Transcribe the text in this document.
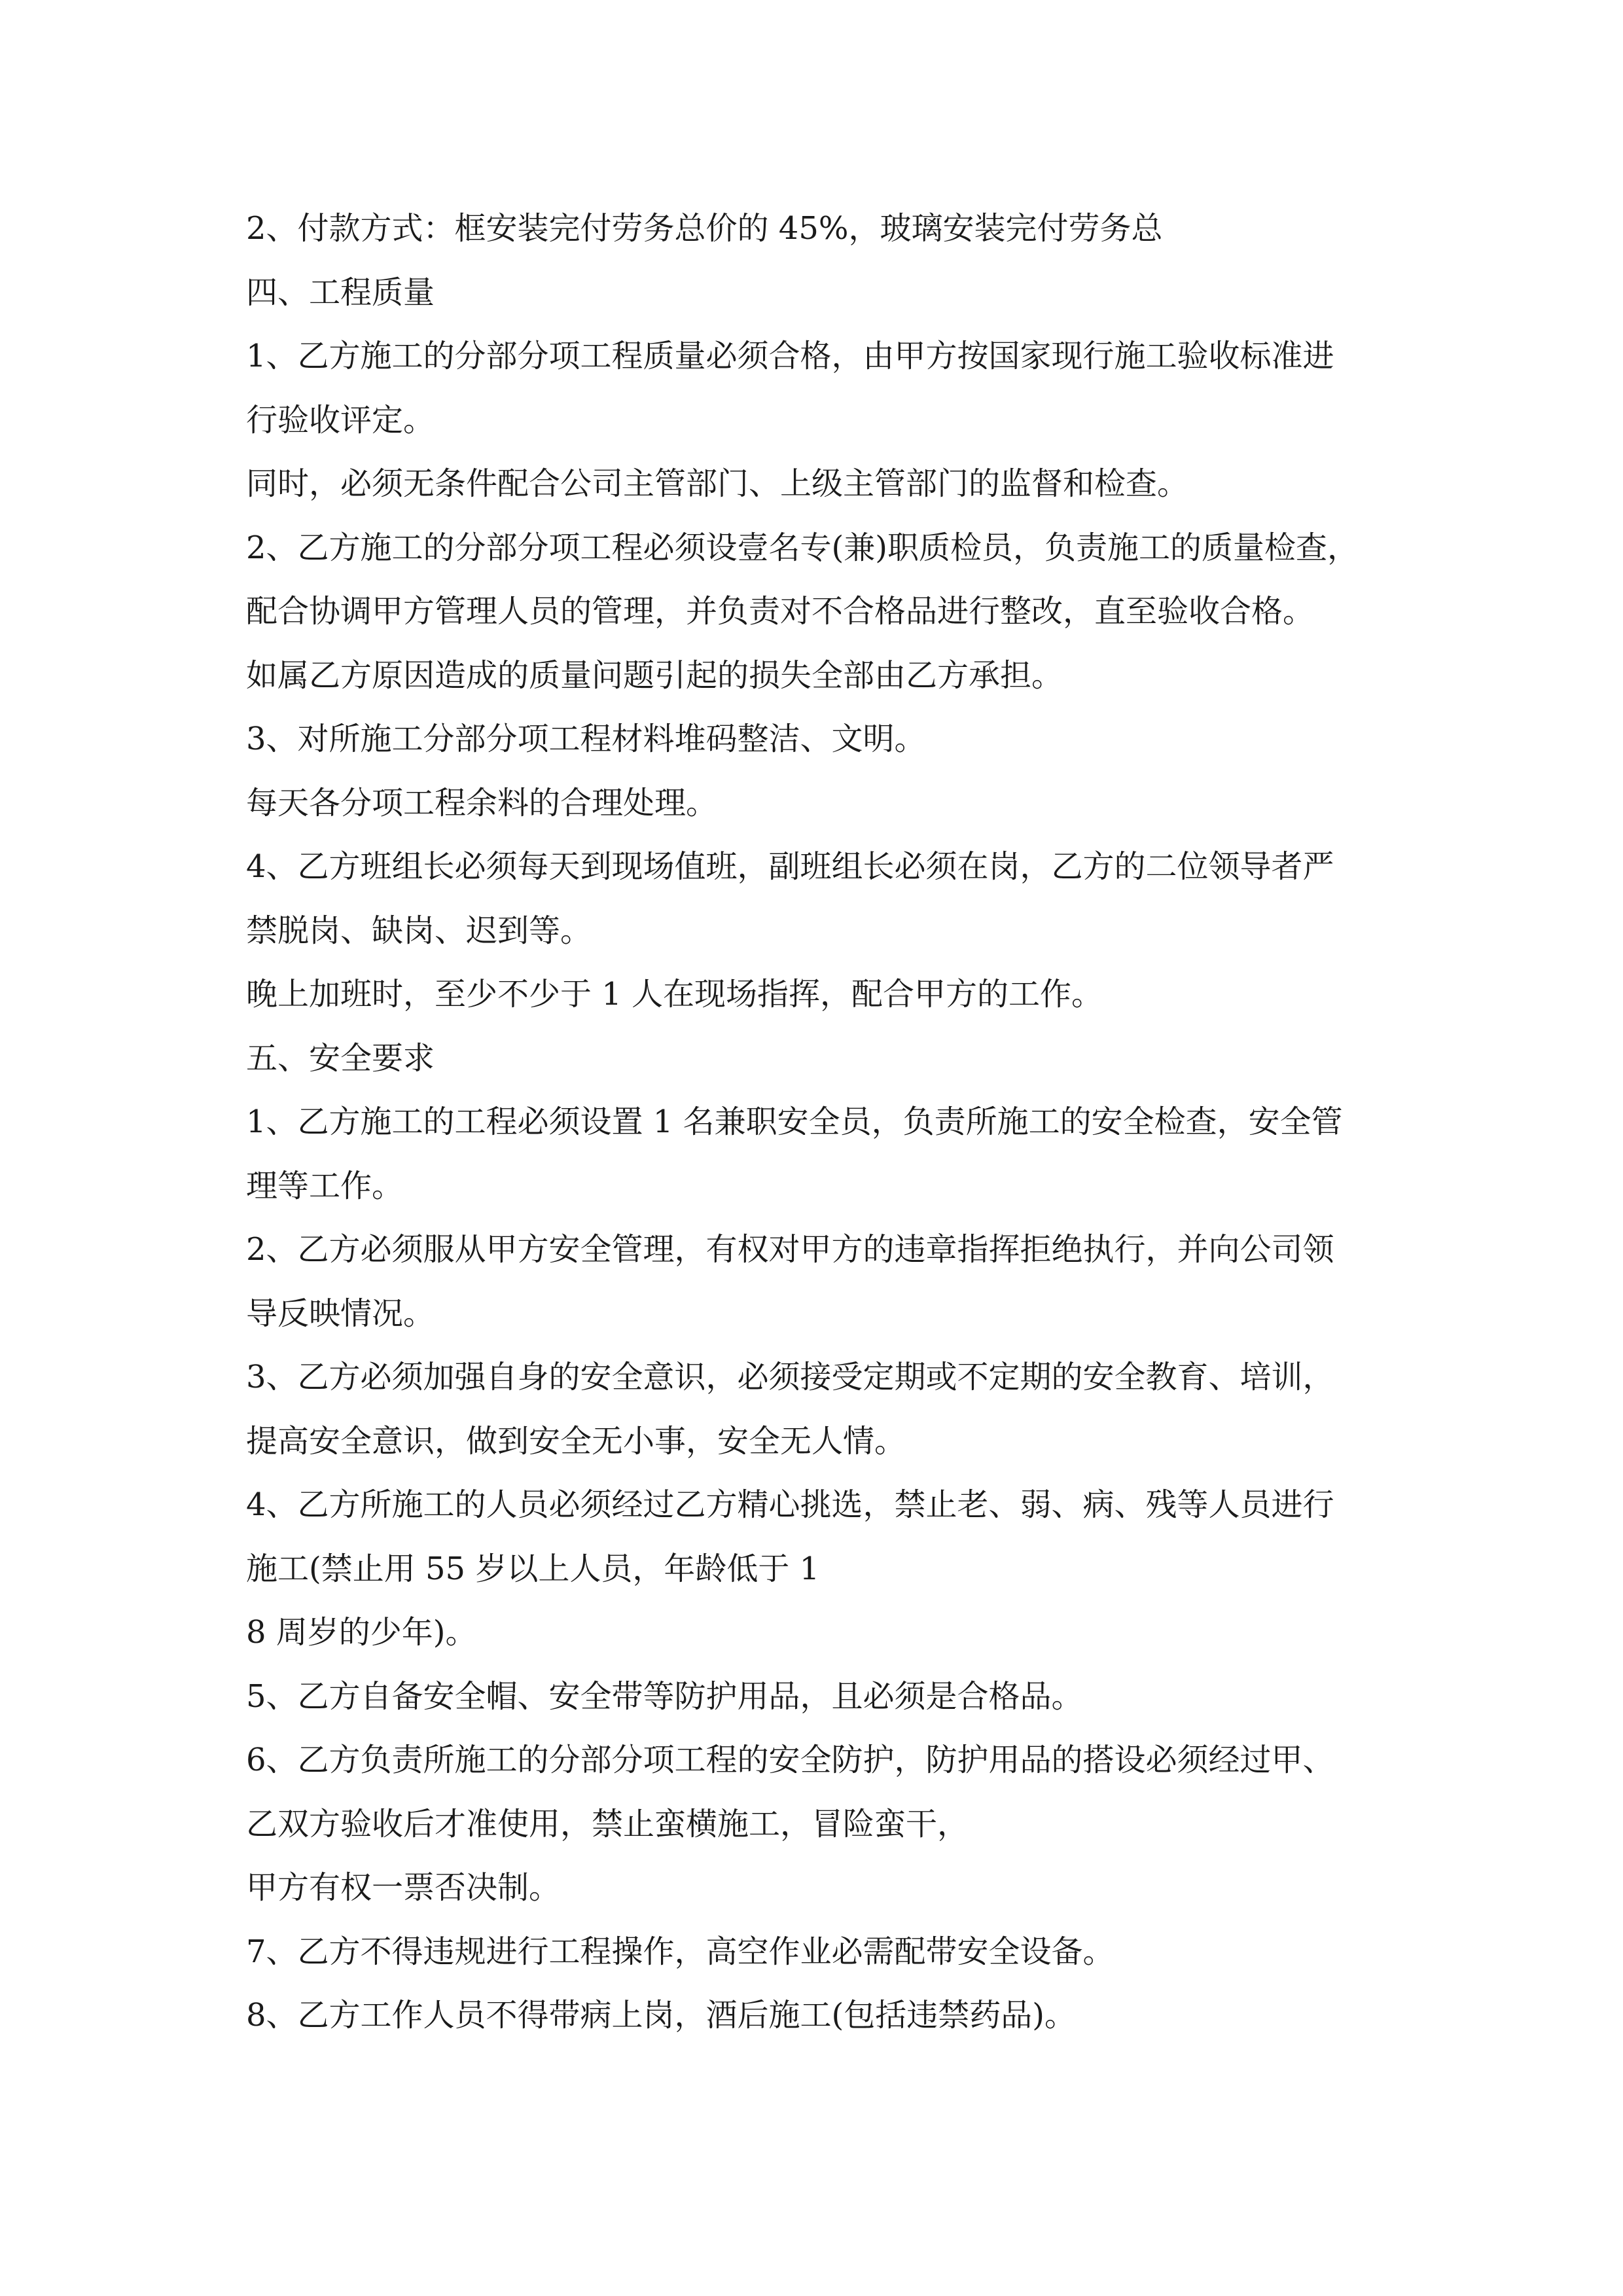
2、付款方式：框安装完付劳务总价的 45%，玻璃安装完付劳务总
四、工程质量
1、乙方施工的分部分项工程质量必须合格，由甲方按国家现行施工验收标准进
行验收评定。
同时，必须无条件配合公司主管部门、上级主管部门的监督和检查。
2、乙方施工的分部分项工程必须设壹名专(兼)职质检员，负责施工的质量检查，
配合协调甲方管理人员的管理，并负责对不合格品进行整改，直至验收合格。
如属乙方原因造成的质量问题引起的损失全部由乙方承担。
3、对所施工分部分项工程材料堆码整洁、文明。
每天各分项工程余料的合理处理。
4、乙方班组长必须每天到现场值班，副班组长必须在岗，乙方的二位领导者严
禁脱岗、缺岗、迟到等。
晚上加班时，至少不少于 1 人在现场指挥，配合甲方的工作。
五、安全要求
1、乙方施工的工程必须设置 1 名兼职安全员，负责所施工的安全检查，安全管
理等工作。
2、乙方必须服从甲方安全管理，有权对甲方的违章指挥拒绝执行，并向公司领
导反映情况。
3、乙方必须加强自身的安全意识，必须接受定期或不定期的安全教育、培训，
提高安全意识，做到安全无小事，安全无人情。
4、乙方所施工的人员必须经过乙方精心挑选，禁止老、弱、病、残等人员进行
施工(禁止用 55 岁以上人员，年龄低于 1
8 周岁的少年)。
5、乙方自备安全帽、安全带等防护用品，且必须是合格品。
6、乙方负责所施工的分部分项工程的安全防护，防护用品的搭设必须经过甲、
乙双方验收后才准使用，禁止蛮横施工，冒险蛮干，
甲方有权一票否决制。
7、乙方不得违规进行工程操作，高空作业必需配带安全设备。
8、乙方工作人员不得带病上岗，酒后施工(包括违禁药品)。
